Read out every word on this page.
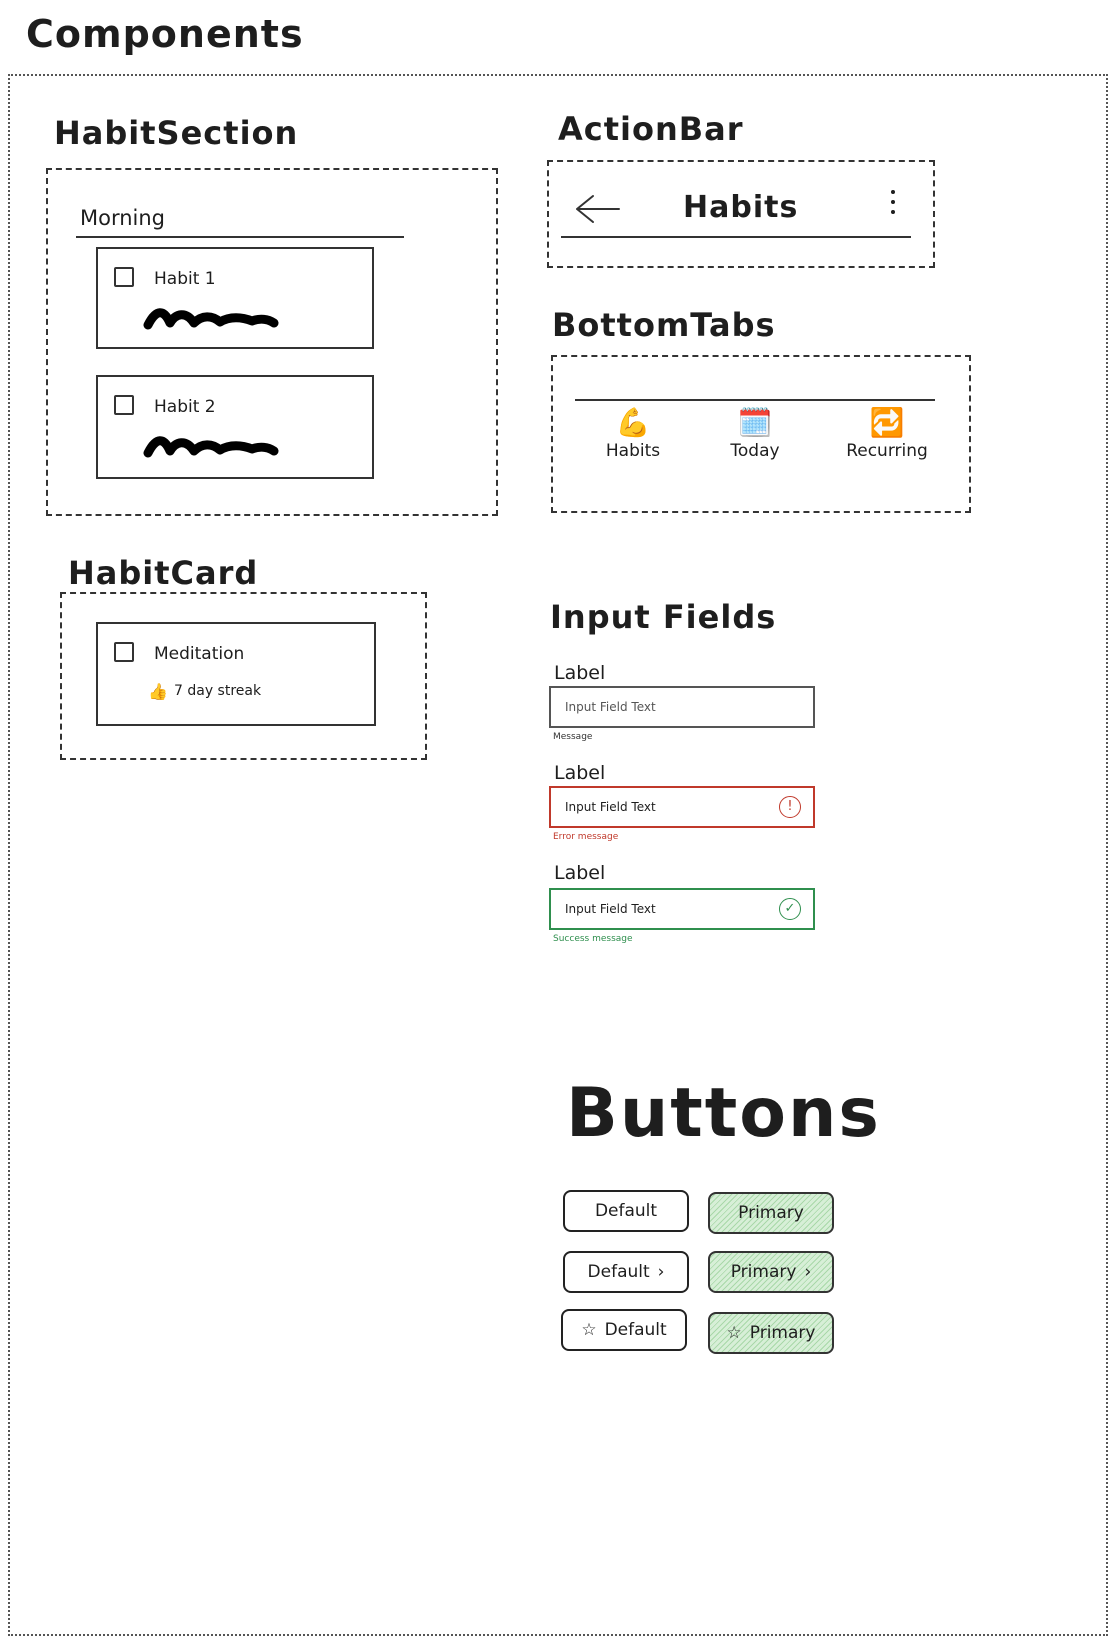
Components
HabitSection
Morning
Habit 1
Habit 2
ActionBar
Habits
BottomTabs
💪
Habits
🗓️
Today
🔁
Recurring
HabitCard
Meditation
👍 7 day streak
Input Fields
Label
Input Field Text
Message
Label
Input Field Text	!
Error message
Label
Input Field Text	✓
Success message
Buttons
Default	Primary
Default ›	Primary ›
☆ Default	☆ Primary
